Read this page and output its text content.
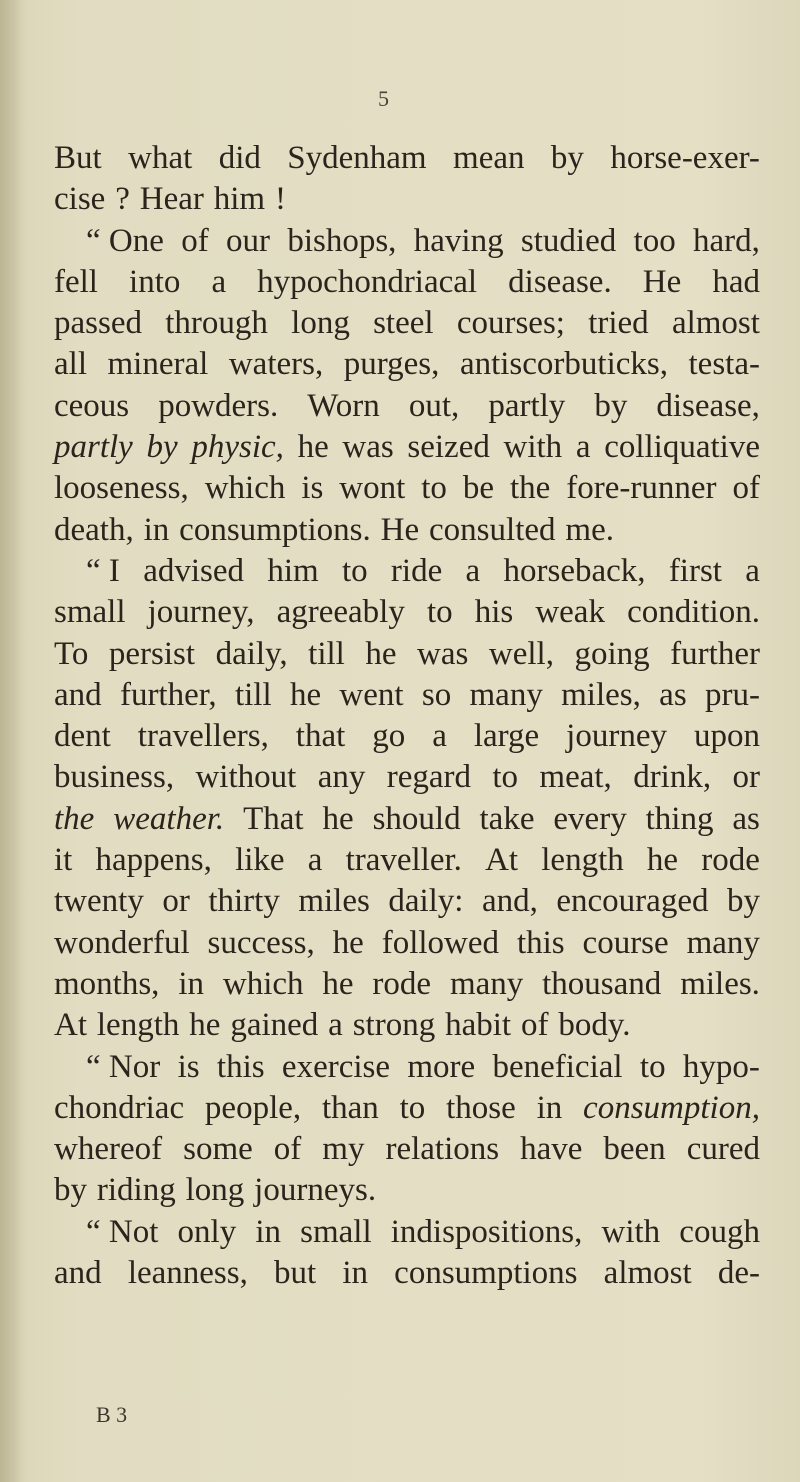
5
But what did Sydenham mean by horse-exer-
cise ? Hear him !
“ One of our bishops, having studied too hard,
fell into a hypochondriacal disease. He had
passed through long steel courses; tried almost
all mineral waters, purges, antiscorbuticks, testa-
ceous powders. Worn out, partly by disease,
partly by physic, he was seized with a colliquative
looseness, which is wont to be the fore-runner of
death, in consumptions. He consulted me.
“ I advised him to ride a horseback, first a
small journey, agreeably to his weak condition.
To persist daily, till he was well, going further
and further, till he went so many miles, as pru-
dent travellers, that go a large journey upon
business, without any regard to meat, drink, or
the weather. That he should take every thing as
it happens, like a traveller. At length he rode
twenty or thirty miles daily: and, encouraged by
wonderful success, he followed this course many
months, in which he rode many thousand miles.
At length he gained a strong habit of body.
“ Nor is this exercise more beneficial to hypo-
chondriac people, than to those in consumption,
whereof some of my relations have been cured
by riding long journeys.
“ Not only in small indispositions, with cough
and leanness, but in consumptions almost de-
B 3
